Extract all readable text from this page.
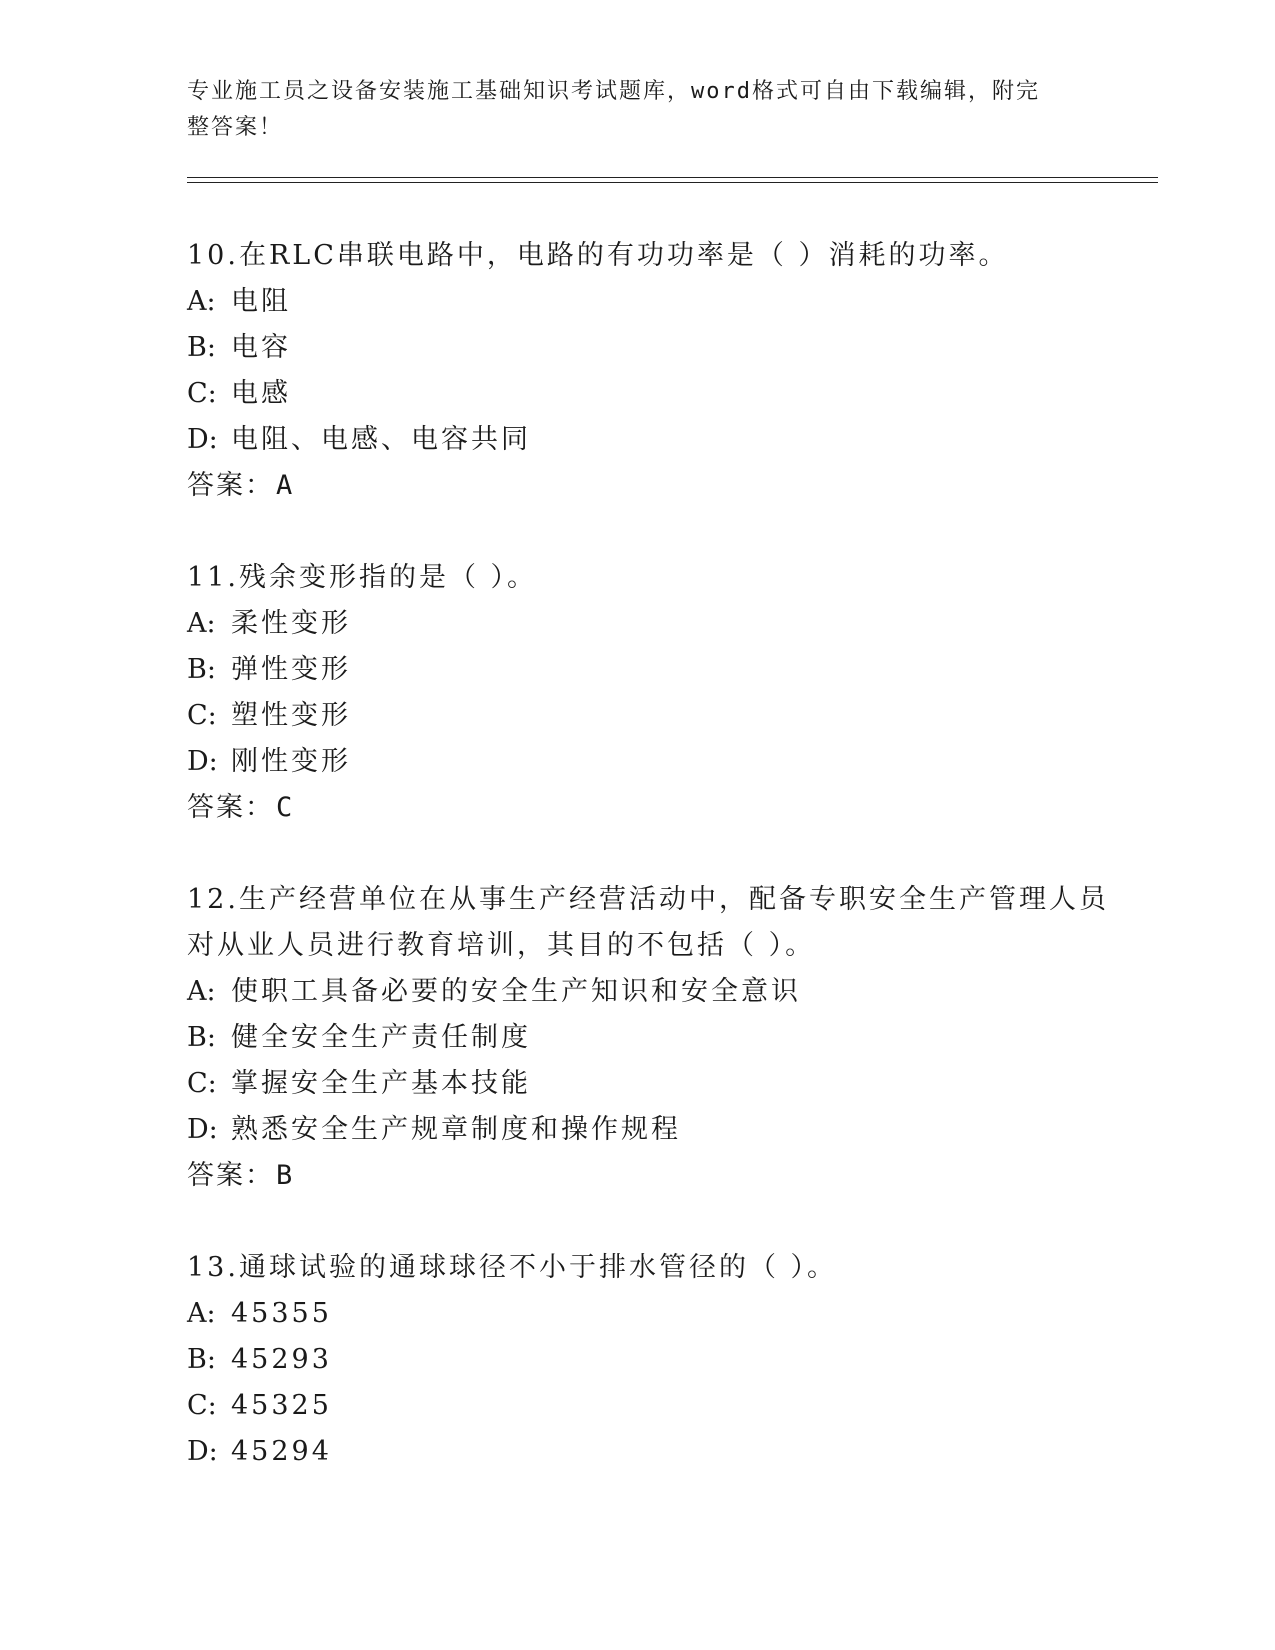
专业施工员之设备安装施工基础知识考试题库，word格式可自由下载编辑，附完
整答案！
10.在RLC串联电路中，电路的有功功率是（ ）消耗的功率。
A: 电阻
B: 电容
C: 电感
D: 电阻、电感、电容共同
答案：A
11.残余变形指的是（ ）。
A: 柔性变形
B: 弹性变形
C: 塑性变形
D: 刚性变形
答案：C
12.生产经营单位在从事生产经营活动中，配备专职安全生产管理人员
对从业人员进行教育培训，其目的不包括（ ）。
A: 使职工具备必要的安全生产知识和安全意识
B: 健全安全生产责任制度
C: 掌握安全生产基本技能
D: 熟悉安全生产规章制度和操作规程
答案：B
13.通球试验的通球球径不小于排水管径的（ ）。
A: 45355
B: 45293
C: 45325
D: 45294
